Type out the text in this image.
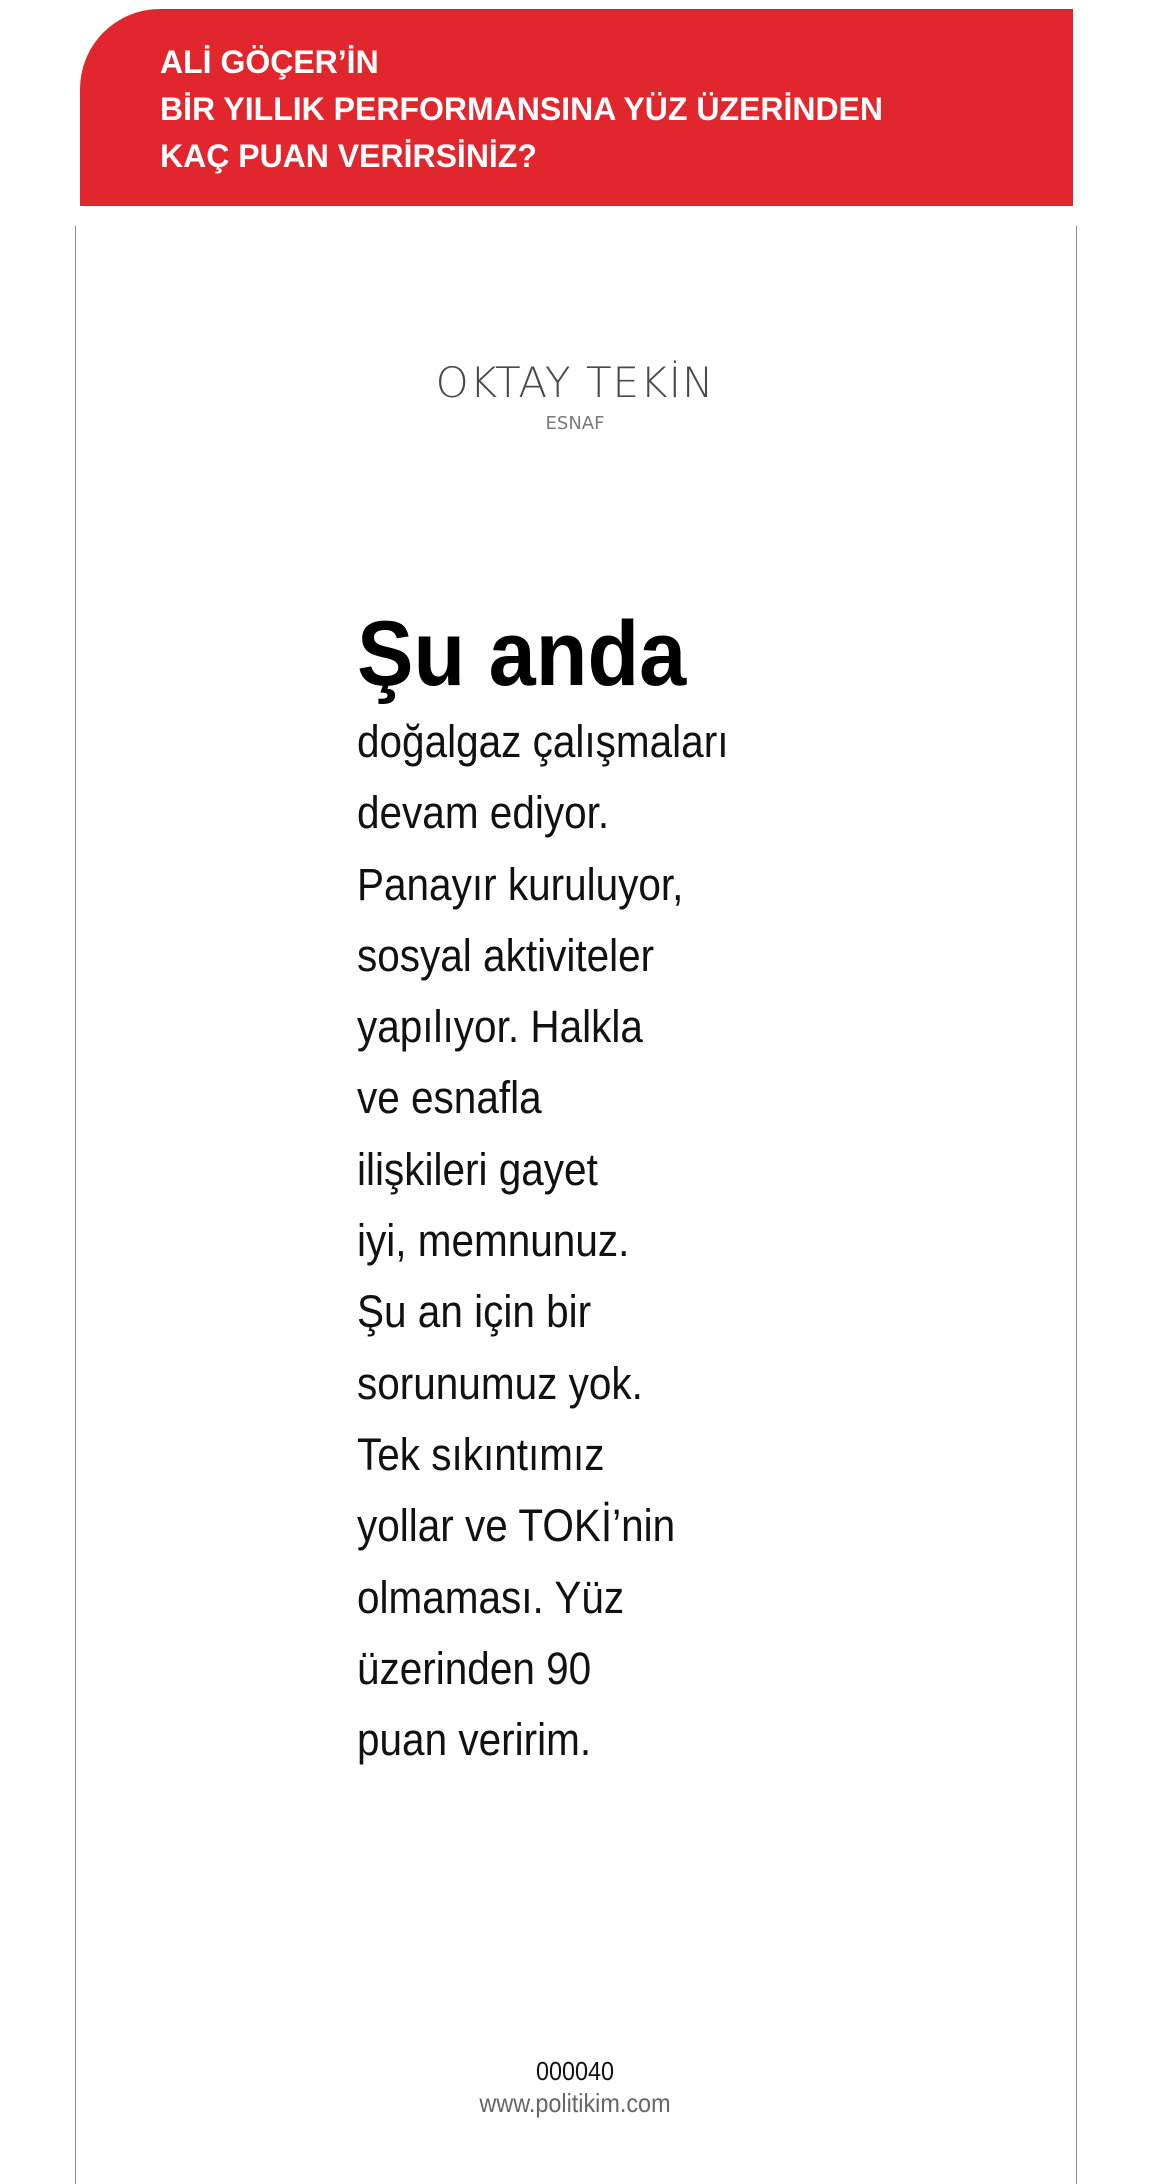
ALİ GÖÇER’İN
BİR YILLIK PERFORMANSINA YÜZ ÜZERİNDEN
KAÇ PUAN VERİRSİNİZ?
OKTAY TEKİN
ESNAF
Şu anda
doğalgaz çalışmaları
devam ediyor.
Panayır kuruluyor,
sosyal aktiviteler
yapılıyor. Halkla
ve esnafla
ilişkileri gayet
iyi, memnunuz.
Şu an için bir
sorunumuz yok.
Tek sıkıntımız
yollar ve TOKİ’nin
olmaması. Yüz
üzerinden 90
puan veririm.
000040
www.politikim.com
